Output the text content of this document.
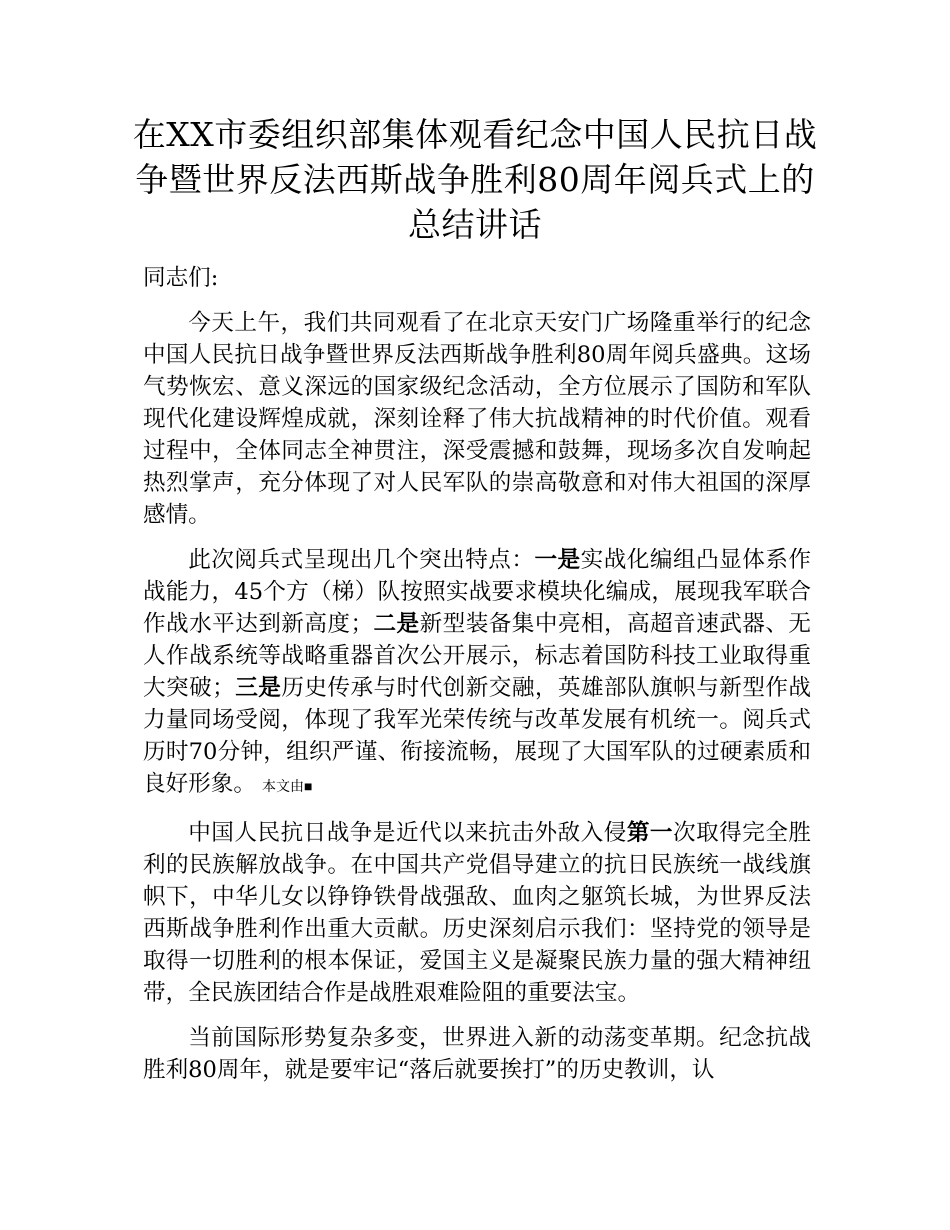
在XX市委组织部集体观看纪念中国人民抗日战争暨世界反法西斯战争胜利80周年阅兵式上的总结讲话

同志们:

今天上午，我们共同观看了在北京天安门广场隆重举行的纪念中国人民抗日战争暨世界反法西斯战争胜利80周年阅兵盛典。这场气势恢宏、意义深远的国家级纪念活动，全方位展示了国防和军队现代化建设辉煌成就，深刻诠释了伟大抗战精神的时代价值。观看过程中，全体同志全神贯注，深受震撼和鼓舞，现场多次自发响起热烈掌声，充分体现了对人民军队的崇高敬意和对伟大祖国的深厚感情。

此次阅兵式呈现出几个突出特点：一是实战化编组凸显体系作战能力，45个方（梯）队按照实战要求模块化编成，展现我军联合作战水平达到新高度；二是新型装备集中亮相，高超音速武器、无人作战系统等战略重器首次公开展示，标志着国防科技工业取得重大突破；三是历史传承与时代创新交融，英雄部队旗帜与新型作战力量同场受阅，体现了我军光荣传统与改革发展有机统一。阅兵式历时70分钟，组织严谨、衔接流畅，展现了大国军队的过硬素质和良好形象。 本文由■

中国人民抗日战争是近代以来抗击外敌入侵第一次取得完全胜利的民族解放战争。在中国共产党倡导建立的抗日民族统一战线旗帜下，中华儿女以铮铮铁骨战强敌、血肉之躯筑长城，为世界反法西斯战争胜利作出重大贡献。历史深刻启示我们：坚持党的领导是取得一切胜利的根本保证，爱国主义是凝聚民族力量的强大精神纽带，全民族团结合作是战胜艰难险阻的重要法宝。

当前国际形势复杂多变，世界进入新的动荡变革期。纪念抗战胜利80周年，就是要牢记“落后就要挨打”的历史教训，认
